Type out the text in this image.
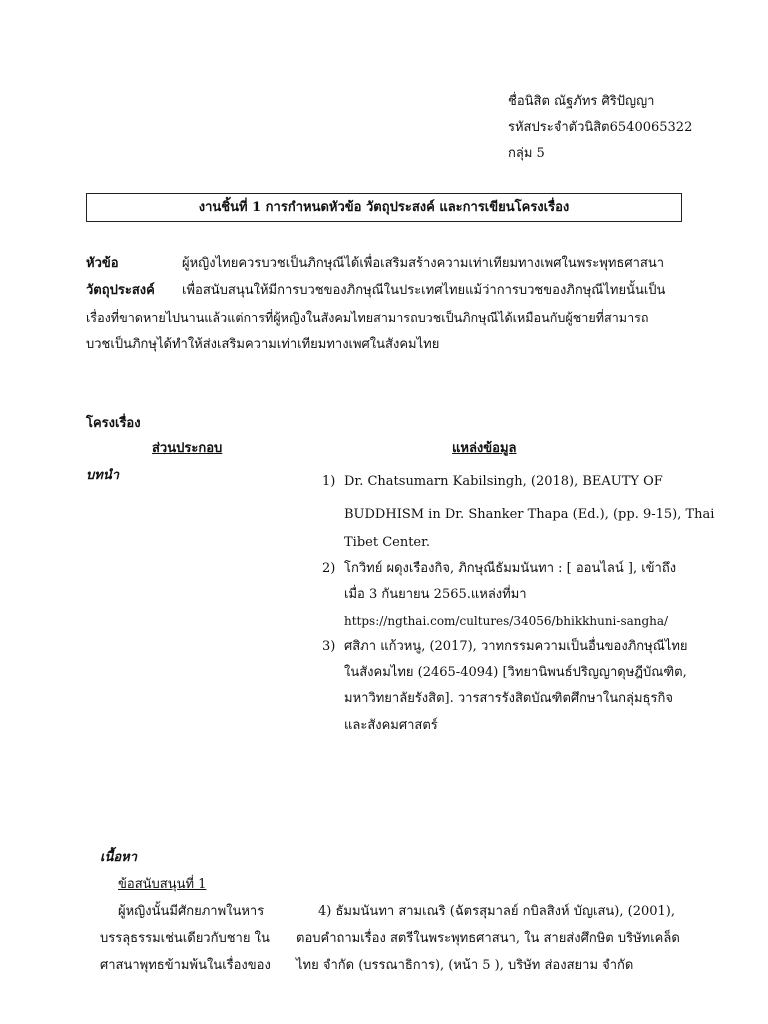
ชื่อนิสิต ณัฐภัทร ศิริปัญญา
รหัสประจำตัวนิสิต6540065322
กลุ่ม 5
งานชิ้นที่ 1 การกำหนดหัวข้อ วัตถุประสงค์ และการเขียนโครงเรื่อง
หัวข้อ	ผู้หญิงไทยควรบวชเป็นภิกษุณีได้เพื่อเสริมสร้างความเท่าเทียมทางเพศในพระพุทธศาสนา
วัตถุประสงค์ เพื่อสนับสนุนให้มีการบวชของภิกษุณีในประเทศไทยแม้ว่าการบวชของภิกษุณีไทยนั้นเป็น
เรื่องที่ขาดหายไปนานแล้วแต่การที่ผู้หญิงในสังคมไทยสามารถบวชเป็นภิกษุณีได้เหมือนกับผู้ชายที่สามารถ
บวชเป็นภิกษุได้ทำให้ส่งเสริมความเท่าเทียมทางเพศในสังคมไทย
โครงเรื่อง
ส่วนประกอบ	แหล่งข้อมูล
บทนำ	1) Dr. Chatsumarn Kabilsingh, (2018), BEAUTY OF
BUDDHISM in Dr. Shanker Thapa (Ed.), (pp. 9-15), Thai
Tibet Center.
2) โกวิทย์ ผดุงเรืองกิจ, ภิกษุณีธัมมนันทา : [ ออนไลน์ ], เข้าถึง
เมื่อ 3 กันยายน 2565.แหล่งที่มา
https://ngthai.com/cultures/34056/bhikkhuni-sangha/
3) ศสิภา แก้วหนู, (2017), วาทกรรมความเป็นอื่นของภิกษุณีไทย
ในสังคมไทย (2465-4094) [วิทยานิพนธ์ปริญญาดุษฎีบัณฑิต,
มหาวิทยาลัยรังสิต]. วารสารรังสิตบัณฑิตศึกษาในกลุ่มธุรกิจ
และสังคมศาสตร์
เนื้อหา
ข้อสนับสนุนที่ 1
ผู้หญิงนั้นมีศักยภาพในหาร
บรรลุธรรมเช่นเดียวกับชาย ใน
ศาสนาพุทธข้ามพ้นในเรื่องของ
4) ธัมมนันทา สามเณริ (ฉัตรสุมาลย์ กบิลสิงห์ บัญเสน), (2001),
ตอบคำถามเรื่อง สตรีในพระพุทธศาสนา, ใน สายส่งศึกษิต บริษัทเคล็ด
ไทย จำกัด (บรรณาธิการ), (หน้า 5 ), บริษัท ส่องสยาม จำกัด
